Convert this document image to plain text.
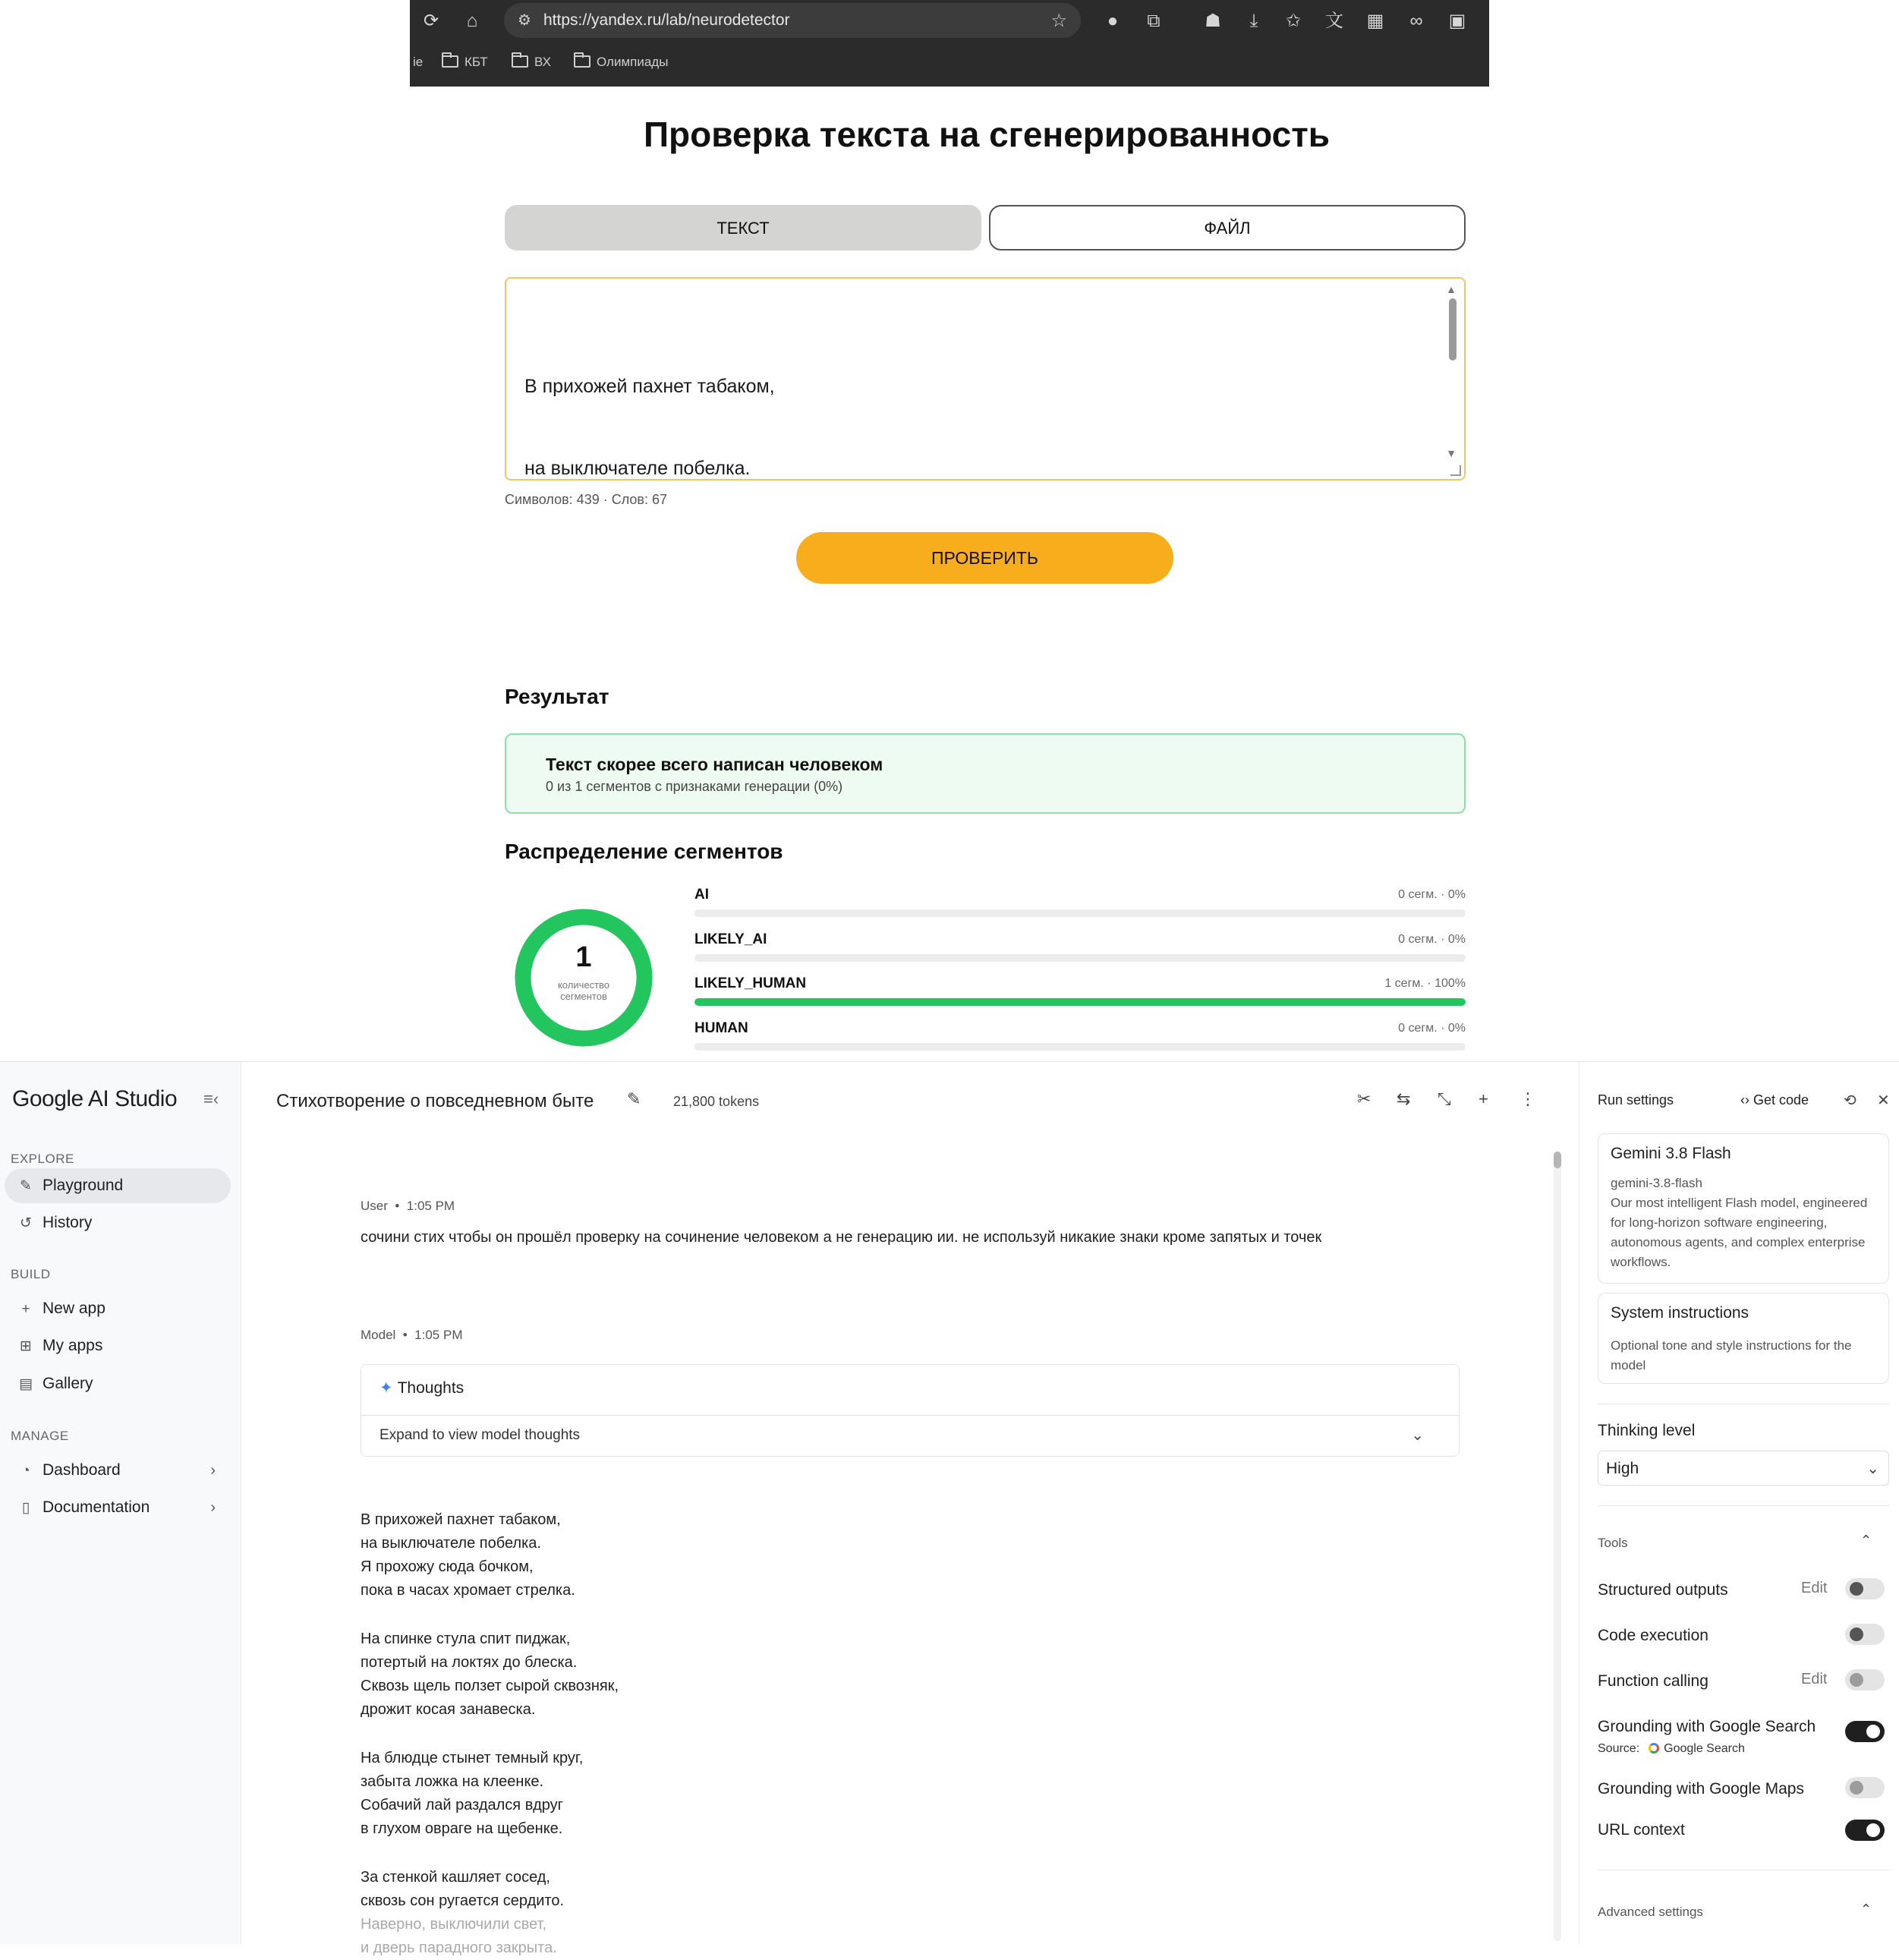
⟳ ⌂	⚙ https://yandex.ru/lab/neurodetector	☆ ● ⧉ ☗	⤓	✩ 文 ▦ ∞ ▣
ie	КБТ	ВХ	Олимпиады
Проверка текста на сгенерированность
ТЕКСТ	ФАЙЛ

В прихожей пахнет табаком,

на выключателе побелка.

▲
▼
Символов: 439 · Слов: 67
ПРОВЕРИТЬ
Результат
Текст скорее всего написан человеком
0 из 1 сегментов с признаками генерации (0%)
Распределение сегментов
1
количество сегментов
AI	0 сегм. · 0%
LIKELY_AI	0 сегм. · 0%
LIKELY_HUMAN	1 сегм. · 100%
HUMAN	0 сегм. · 0%
Google AI Studio ≡‹
EXPLORE
✎ Playground
↺ History
BUILD
+ New app
⊞ My apps
▤ Gallery
MANAGE
◔ Dashboard	›
▯ Documentation	›
Стихотворение о повседневном быте ✎ 21,800 tokens	✂ ⇆ ⤡ + ⋮
User  •  1:05 PM
сочини стих чтобы он прошёл проверку на сочинение человеком а не генерацию ии. не используй никакие знаки кроме запятых и точек
Model  •  1:05 PM
✦ Thoughts
Expand to view model thoughts	⌄
В прихожей пахнет табаком,
на выключателе побелка.
Я прохожу сюда бочком,
пока в часах хромает стрелка.
На спинке стула спит пиджак,
потертый на локтях до блеска.
Сквозь щель ползет сырой сквозняк,
дрожит косая занавеска.
На блюдце стынет темный круг,
забыта ложка на клеенке.
Собачий лай раздался вдруг
в глухом овраге на щебенке.
За стенкой кашляет сосед,
сквозь сон ругается сердито.
Наверно, выключили свет,
и дверь парадного закрыта.
Run settings	‹› Get code ⟲ ✕
Gemini 3.8 Flash
gemini-3.8-flash
Our most intelligent Flash model, engineered for long-horizon software engineering, autonomous agents, and complex enterprise workflows.
System instructions
Optional tone and style instructions for the model
Thinking level
High	⌄
Tools	⌃
Structured outputs	Edit
Code execution
Function calling	Edit
Grounding with Google Search
Source: Google Search
Grounding with Google Maps
URL context
Advanced settings	⌃
